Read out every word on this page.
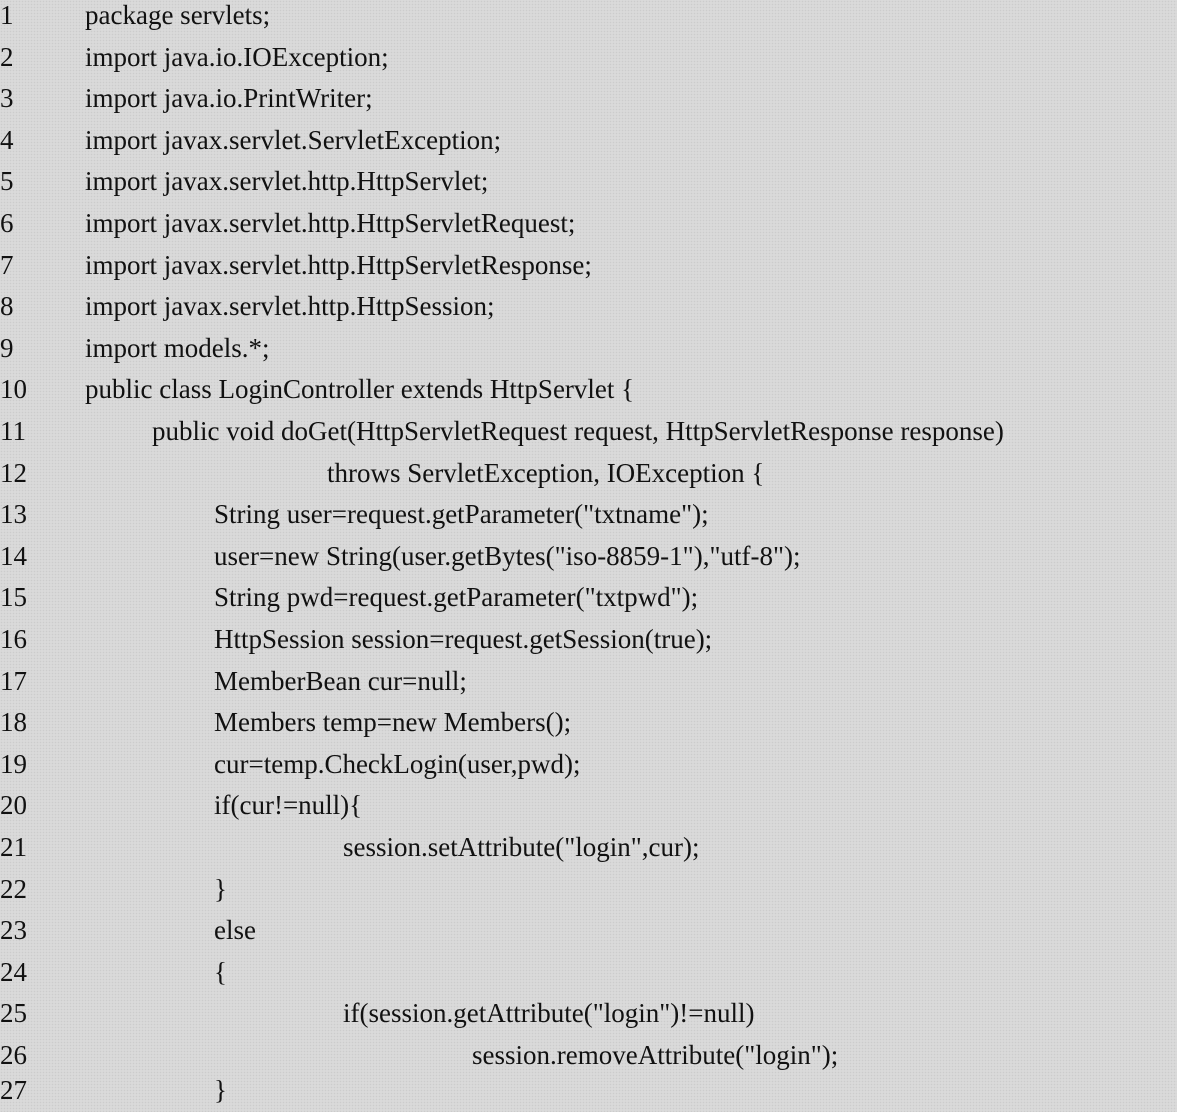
1	package servlets;
2	import java.io.IOException;
3	import java.io.PrintWriter;
4	import javax.servlet.ServletException;
5	import javax.servlet.http.HttpServlet;
6	import javax.servlet.http.HttpServletRequest;
7	import javax.servlet.http.HttpServletResponse;
8	import javax.servlet.http.HttpSession;
9	import models.*;
10 public class LoginController extends HttpServlet {
11	public void doGet(HttpServletRequest request, HttpServletResponse response)
12	throws ServletException, IOException {
13	String user=request.getParameter("txtname");
14	user=new String(user.getBytes("iso-8859-1"),"utf-8");
15	String pwd=request.getParameter("txtpwd");
16	HttpSession session=request.getSession(true);
17	MemberBean cur=null;
18	Members temp=new Members();
19	cur=temp.CheckLogin(user,pwd);
20	if(cur!=null){
21	session.setAttribute("login",cur);
22	}
23	else
24	{
25	if(session.getAttribute("login")!=null)
26	session.removeAttribute("login");
27	}
